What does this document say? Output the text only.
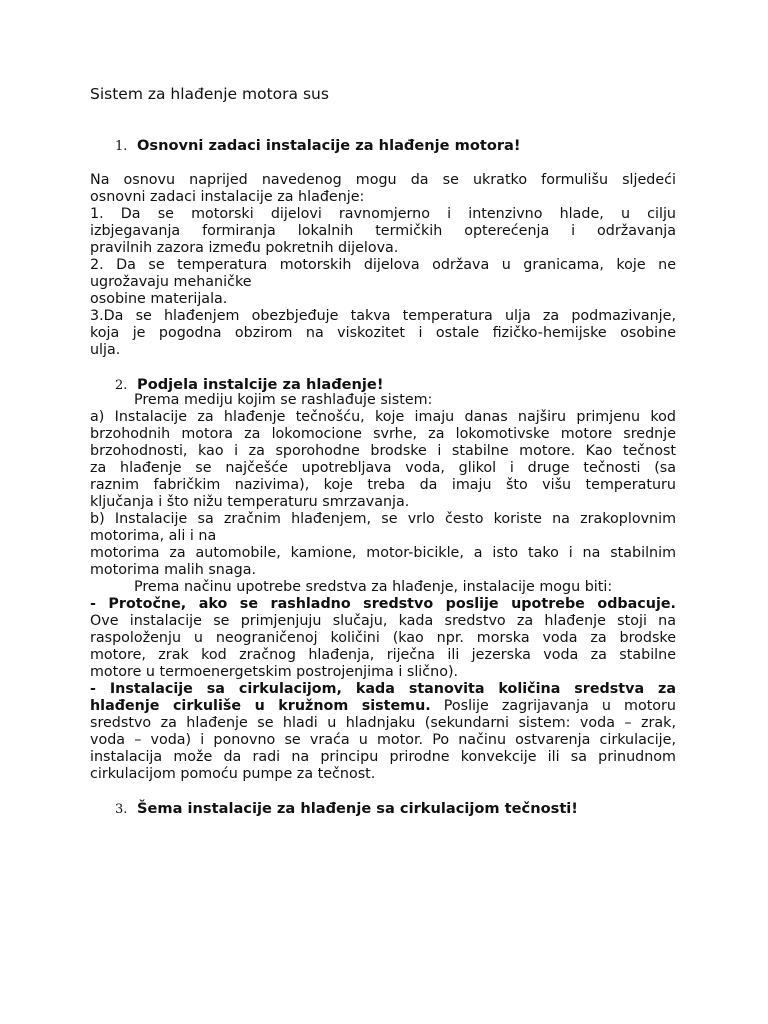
Sistem za hlađenje motora sus
1. Osnovni zadaci instalacije za hlađenje motora!
Na osnovu naprijed navedenog mogu da se ukratko formulišu sljedeći
osnovni zadaci instalacije za hlađenje:
1. Da se motorski dijelovi ravnomjerno i intenzivno hlade, u cilju
izbjegavanja formiranja lokalnih termičkih opterećenja i održavanja
pravilnih zazora između pokretnih dijelova.
2. Da se temperatura motorskih dijelova održava u granicama, koje ne
ugrožavaju mehaničke
osobine materijala.
3.Da se hlađenjem obezbjeđuje takva temperatura ulja za podmazivanje,
koja je pogodna obzirom na viskozitet i ostale fizičko-hemijske osobine
ulja.
2. Podjela instalcije za hlađenje!
Prema mediju kojim se rashlađuje sistem:
a) Instalacije za hlađenje tečnošću, koje imaju danas najširu primjenu kod
brzohodnih motora za lokomocione svrhe, za lokomotivske motore srednje
brzohodnosti, kao i za sporohodne brodske i stabilne motore. Kao tečnost
za hlađenje se najčešće upotrebljava voda, glikol i druge tečnosti (sa
raznim fabričkim nazivima), koje treba da imaju što višu temperaturu
ključanja i što nižu temperaturu smrzavanja.
b) Instalacije sa zračnim hlađenjem, se vrlo često koriste na zrakoplovnim
motorima, ali i na
motorima za automobile, kamione, motor-bicikle, a isto tako i na stabilnim
motorima malih snaga.
Prema načinu upotrebe sredstva za hlađenje, instalacije mogu biti:
- Protočne, ako se rashladno sredstvo poslije upotrebe odbacuje.
Ove instalacije se primjenjuju slučaju, kada sredstvo za hlađenje stoji na
raspoloženju u neograničenoj količini (kao npr. morska voda za brodske
motore, zrak kod zračnog hlađenja, riječna ili jezerska voda za stabilne
motore u termoenergetskim postrojenjima i slično).
- Instalacije sa cirkulacijom, kada stanovita količina sredstva za
hlađenje cirkuliše u kružnom sistemu. Poslije zagrijavanja u motoru
sredstvo za hlađenje se hladi u hladnjaku (sekundarni sistem: voda – zrak,
voda – voda) i ponovno se vraća u motor. Po načinu ostvarenja cirkulacije,
instalacija može da radi na principu prirodne konvekcije ili sa prinudnom
cirkulacijom pomoću pumpe za tečnost.
3. Šema instalacije za hlađenje sa cirkulacijom tečnosti!
